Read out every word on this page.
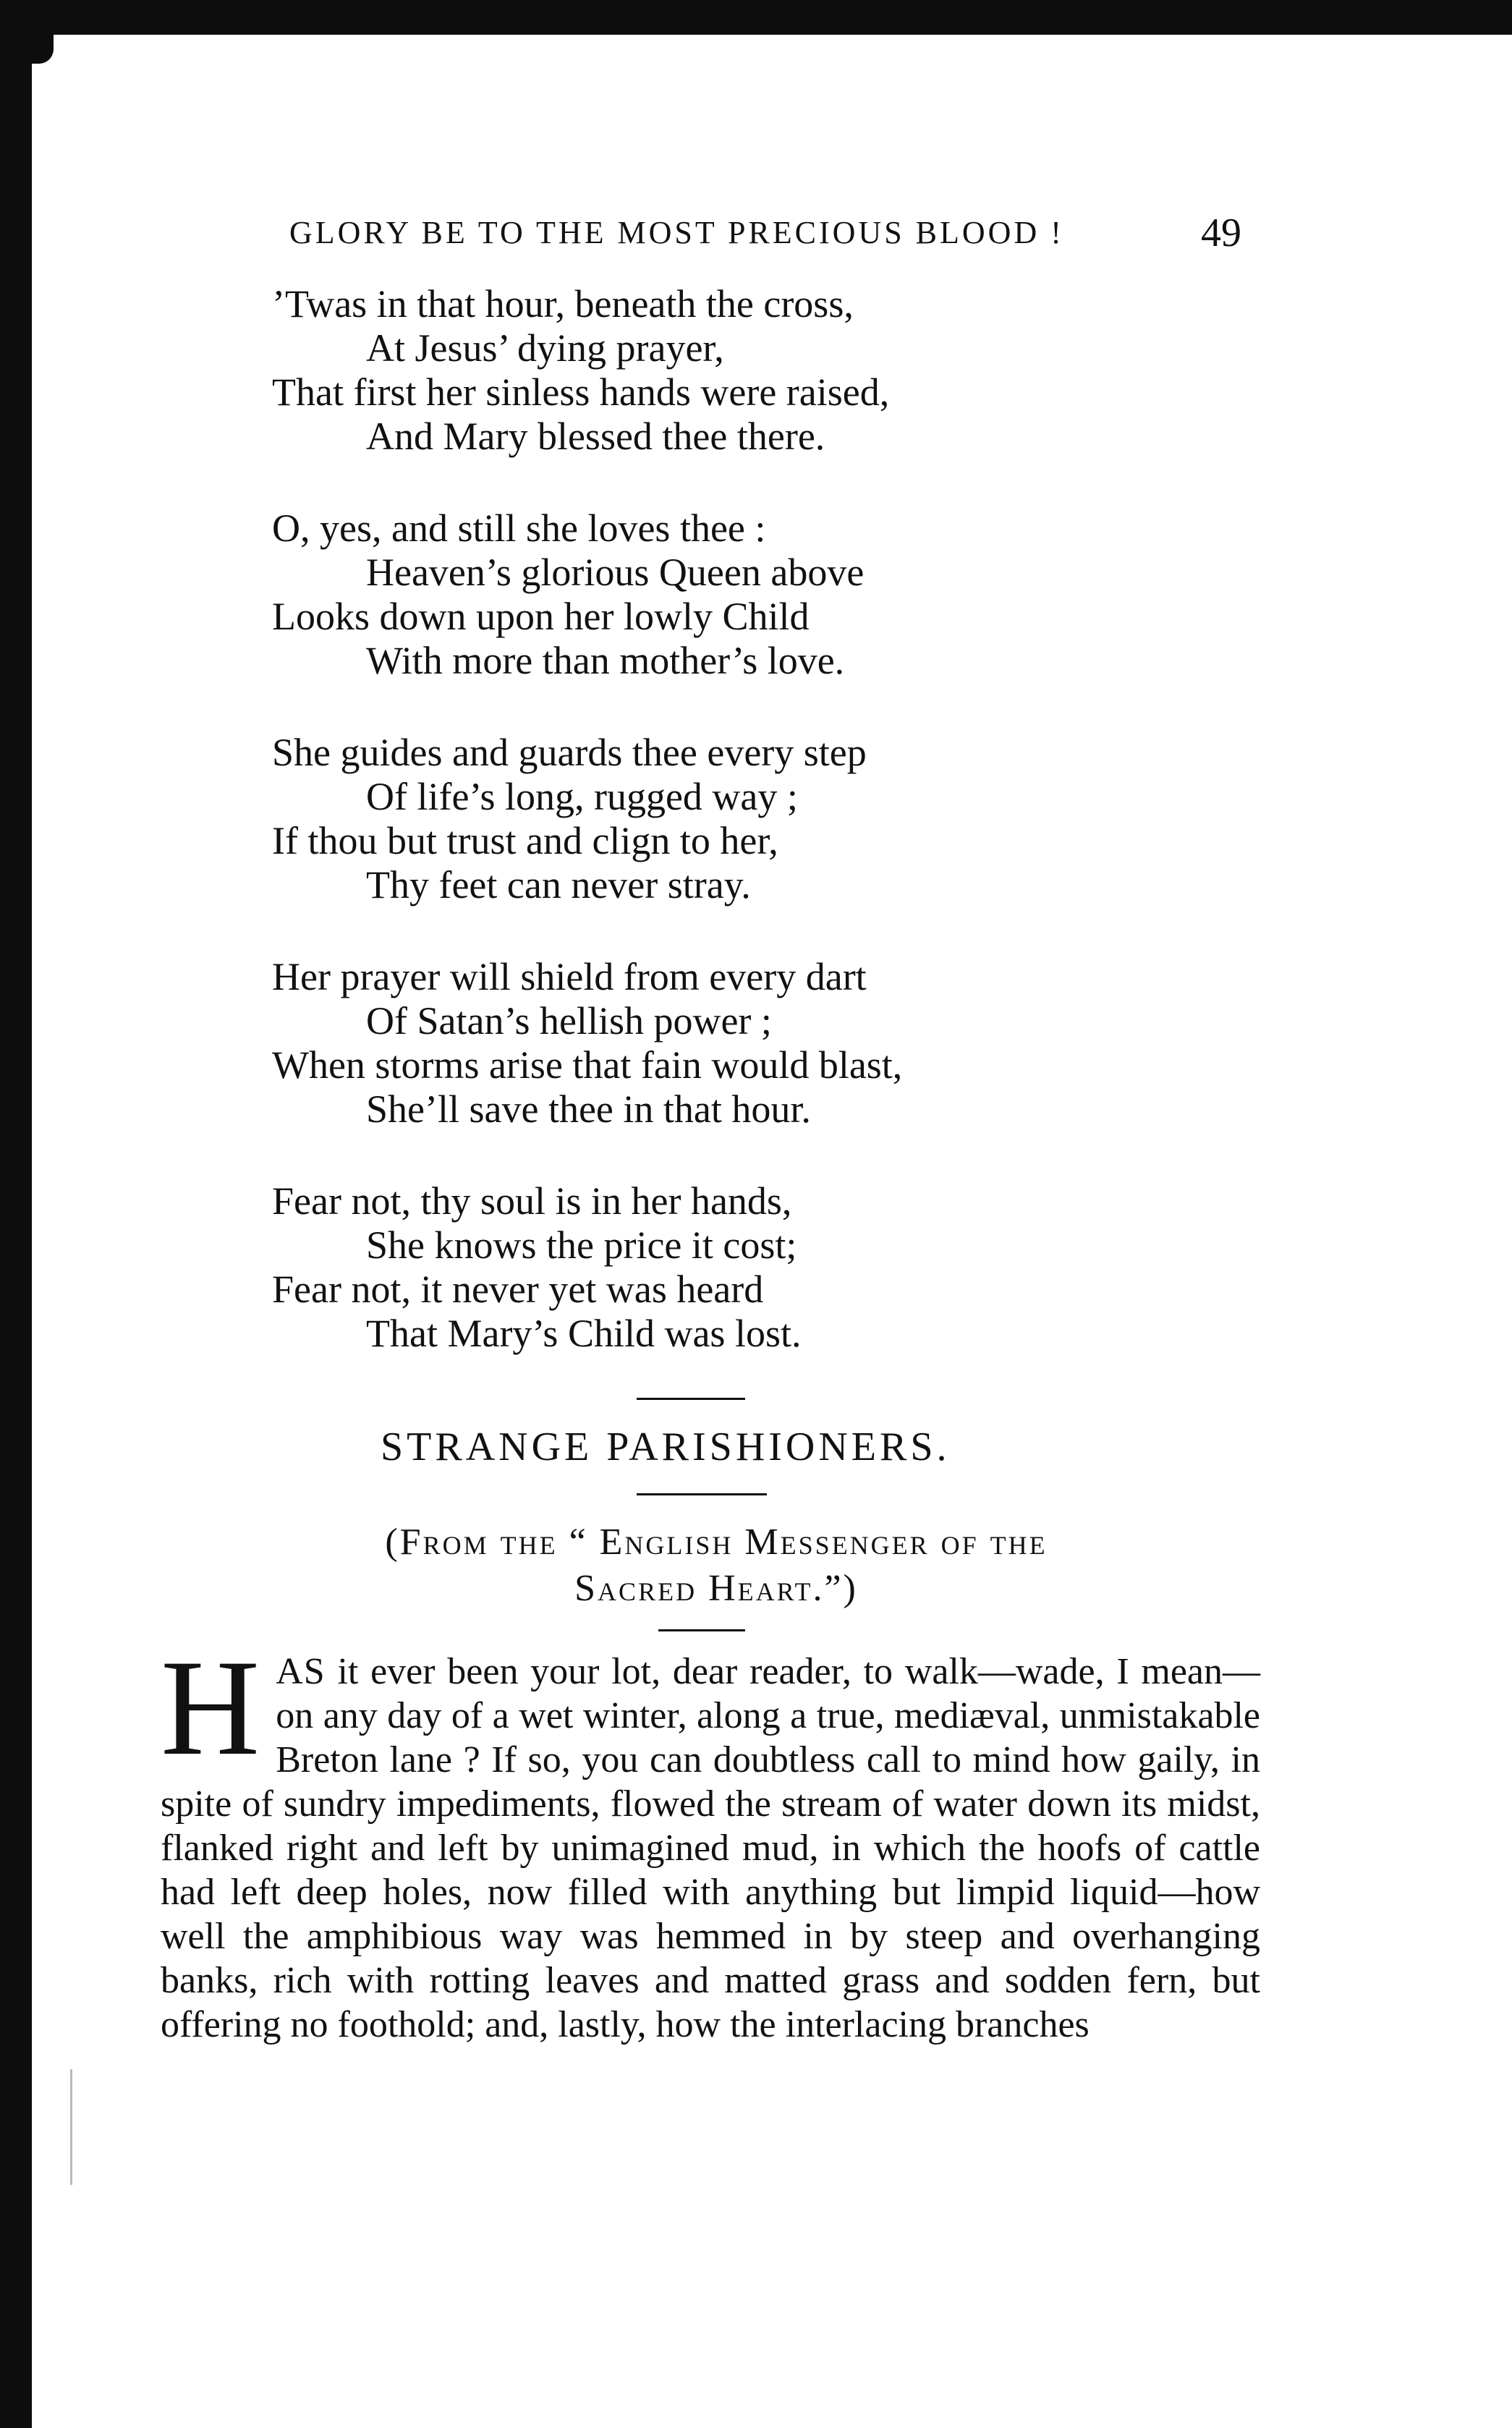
GLORY BE TO THE MOST PRECIOUS BLOOD !	49
’Twas in that hour, beneath the cross,
At Jesus’ dying prayer,
That first her sinless hands were raised,
And Mary blessed thee there.
O, yes, and still she loves thee :
Heaven’s glorious Queen above
Looks down upon her lowly Child
With more than mother’s love.
She guides and guards thee every step
Of life’s long, rugged way ;
If thou but trust and clign to her,
Thy feet can never stray.
Her prayer will shield from every dart
Of Satan’s hellish power ;
When storms arise that fain would blast,
She’ll save thee in that hour.
Fear not, thy soul is in her hands,
She knows the price it cost;
Fear not, it never yet was heard
That Mary’s Child was lost.
STRANGE PARISHIONERS.
(From the “ English Messenger of the
Sacred Heart.”)
HAS it ever been your lot, dear reader, to walk—wade, I mean—on any day of a wet winter, along a true, mediæval, unmistakable Breton lane ? If so, you can doubtless call to mind how gaily, in spite of sundry impediments, flowed the stream of water down its midst, flanked right and left by unimagined mud, in which the hoofs of cattle had left deep holes, now filled with anything but limpid liquid—how well the amphibious way was hemmed in by steep and overhanging banks, rich with rotting leaves and matted grass and sodden fern, but offering no foothold; and, lastly, how the interlacing branches
